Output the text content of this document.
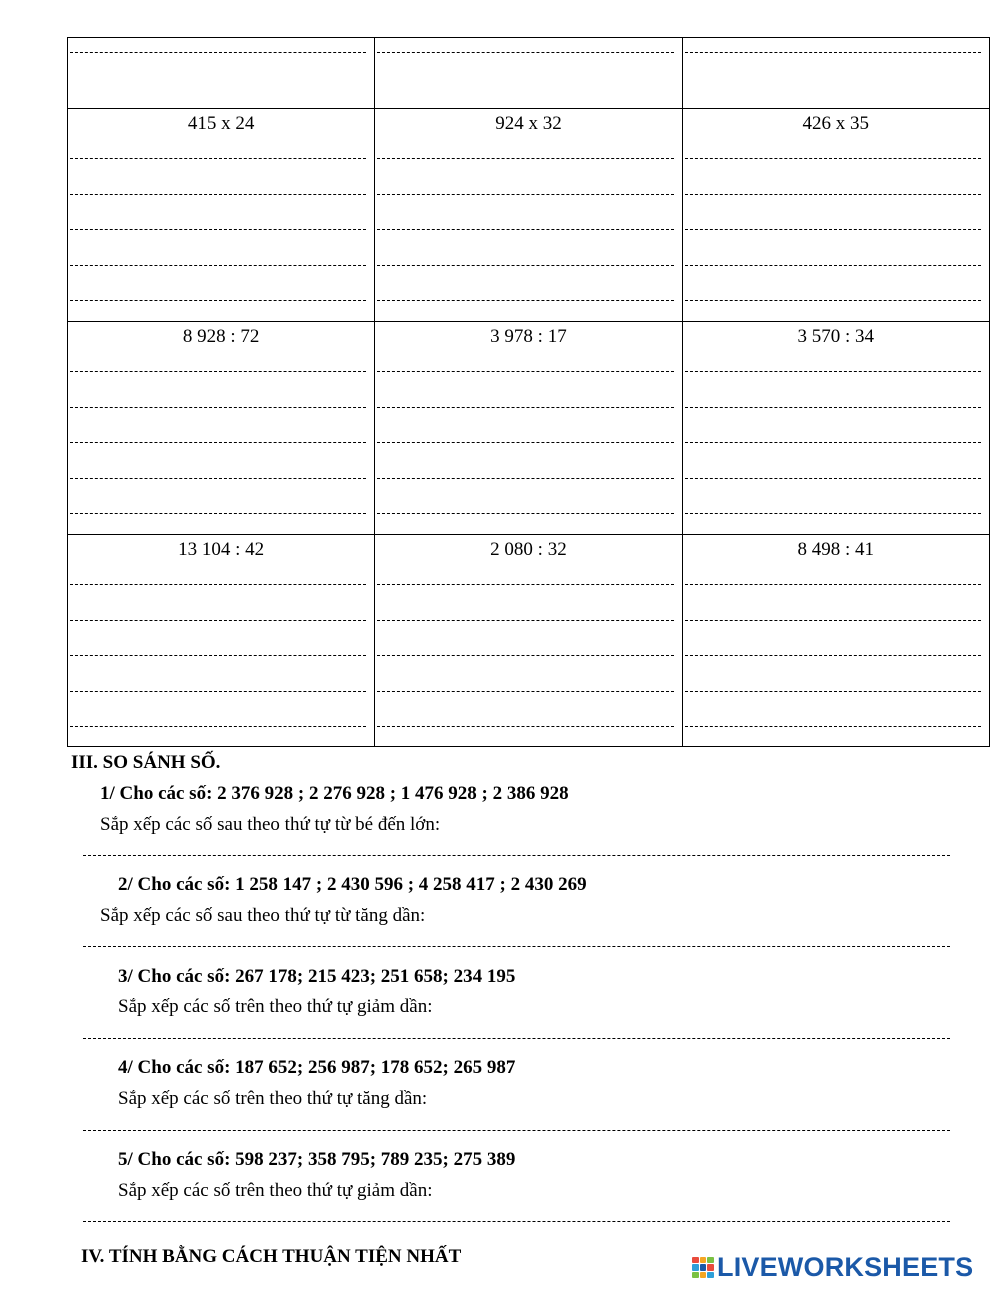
415 x 24	924 x 32	426 x 35

8 928 : 72	3 978 : 17	3 570 : 34

13 104 : 42	2 080 : 32	8 498 : 41
III. SO SÁNH SỐ.
1/ Cho các số: 2 376 928 ; 2 276 928 ; 1 476 928 ; 2 386 928
Sắp xếp các số sau theo thứ tự từ bé đến lớn:
2/ Cho các số: 1 258 147 ; 2 430 596 ; 4 258 417 ; 2 430 269
Sắp xếp các số sau theo thứ tự từ tăng dần:
3/ Cho các số: 267 178; 215 423; 251 658; 234 195
Sắp xếp các số trên theo thứ tự giảm dần:
4/ Cho các số: 187 652; 256 987; 178 652; 265 987
Sắp xếp các số trên theo thứ tự tăng dần:
5/ Cho các số: 598 237; 358 795; 789 235; 275 389
Sắp xếp các số trên theo thứ tự giảm dần:
IV. TÍNH BẰNG CÁCH THUẬN TIỆN NHẤT	LIVEWORKSHEETS
